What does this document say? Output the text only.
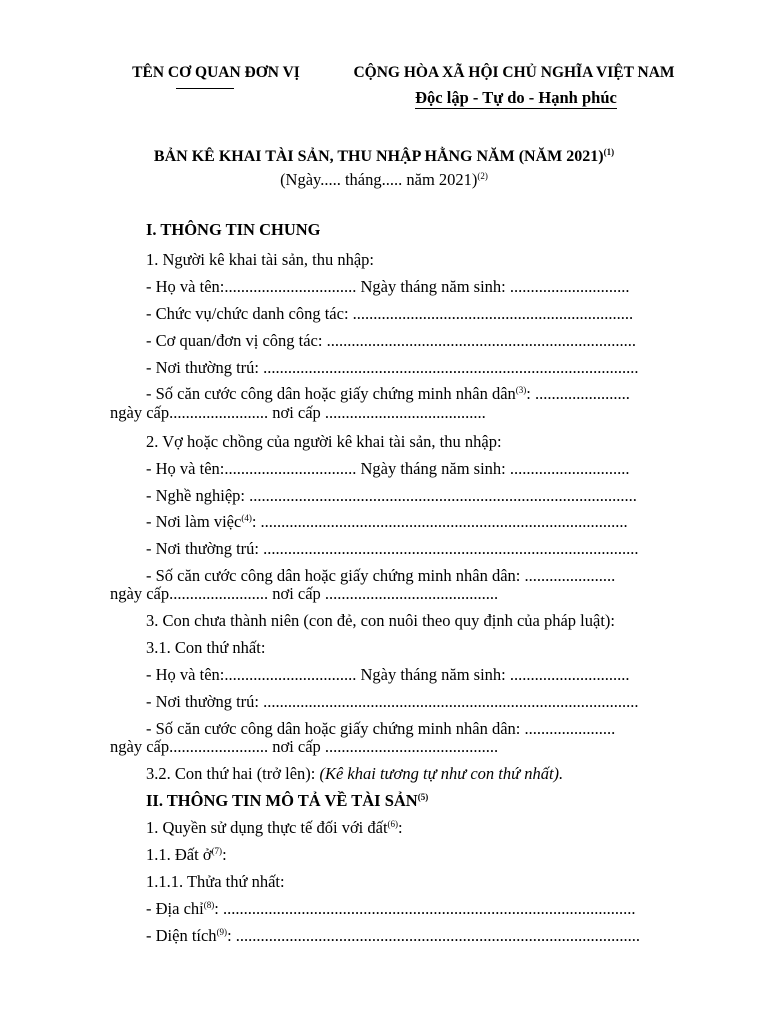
TÊN CƠ QUAN ĐƠN VỊ	CỘNG HÒA XÃ HỘI CHỦ NGHĨA VIỆT NAM
Độc lập - Tự do - Hạnh phúc
BẢN KÊ KHAI TÀI SẢN, THU NHẬP HẰNG NĂM (NĂM 2021)$^{(1)}$
(Ngày..... tháng..... năm 2021)$^{(2)}$
I. THÔNG TIN CHUNG
1. Người kê khai tài sản, thu nhập:
- Họ và tên:................................ Ngày tháng năm sinh: .............................
- Chức vụ/chức danh công tác: ....................................................................
- Cơ quan/đơn vị công tác: ...........................................................................
- Nơi thường trú: ...........................................................................................
- Số căn cước công dân hoặc giấy chứng minh nhân dân$^{(3)}$: .......................
ngày cấp........................ nơi cấp .......................................
2. Vợ hoặc chồng của người kê khai tài sản, thu nhập:
- Họ và tên:................................ Ngày tháng năm sinh: .............................
- Nghề nghiệp: ..............................................................................................
- Nơi làm việc$^{(4)}$: .........................................................................................
- Nơi thường trú: ...........................................................................................
- Số căn cước công dân hoặc giấy chứng minh nhân dân: ......................
ngày cấp........................ nơi cấp ..........................................
3. Con chưa thành niên (con đẻ, con nuôi theo quy định của pháp luật):
3.1. Con thứ nhất:
- Họ và tên:................................ Ngày tháng năm sinh: .............................
- Nơi thường trú: ...........................................................................................
- Số căn cước công dân hoặc giấy chứng minh nhân dân: ......................
ngày cấp........................ nơi cấp ..........................................
3.2. Con thứ hai (trở lên): (Kê khai tương tự như con thứ nhất).
II. THÔNG TIN MÔ TẢ VỀ TÀI SẢN$^{(5)}$
1. Quyền sử dụng thực tế đối với đất$^{(6)}$:
1.1. Đất ở$^{(7)}$:
1.1.1. Thửa thứ nhất:
- Địa chỉ$^{(8)}$: ....................................................................................................
- Diện tích$^{(9)}$: ..................................................................................................
